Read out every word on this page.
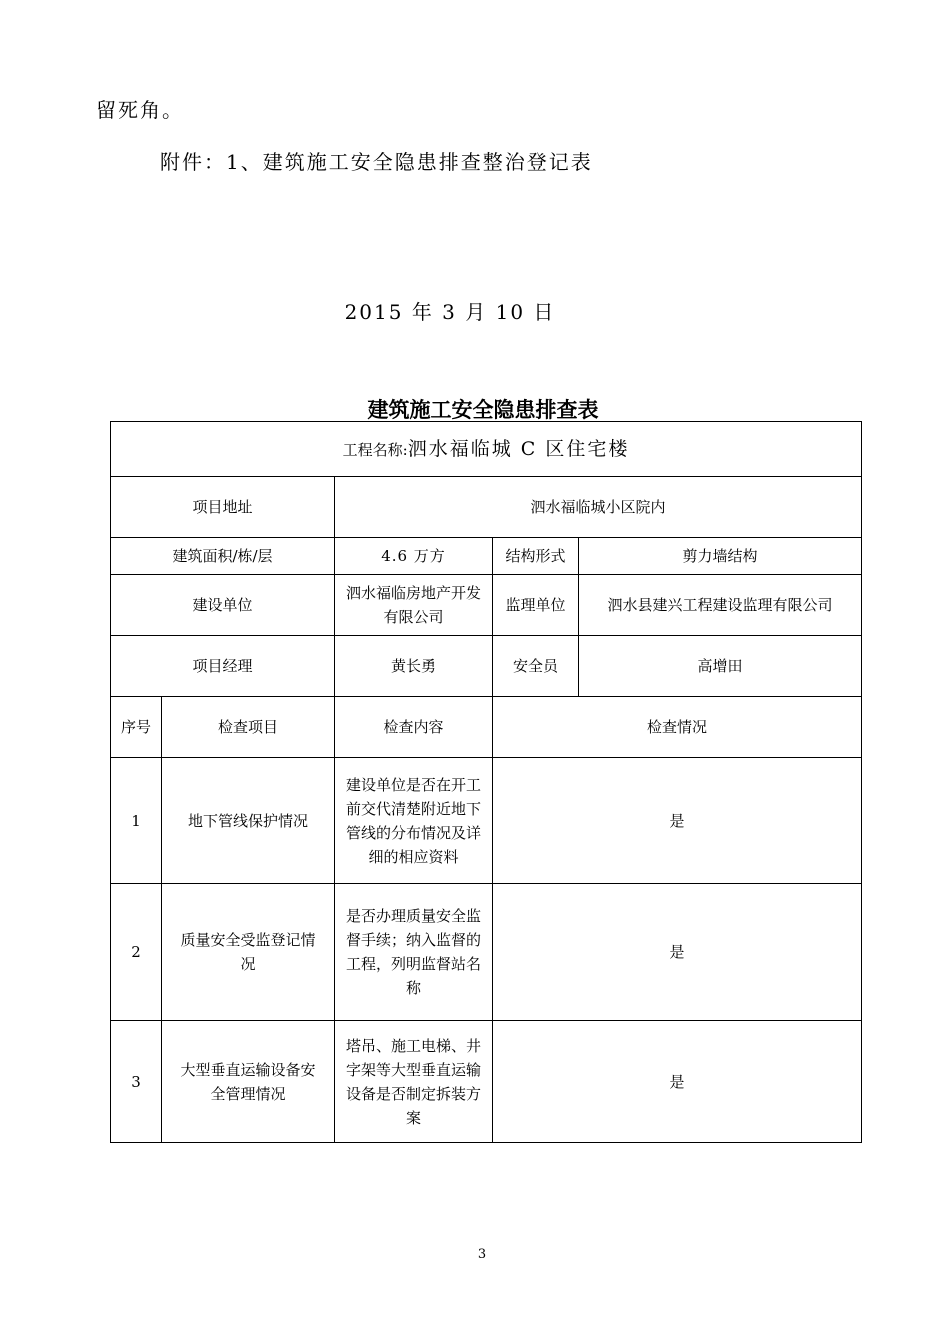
留死角。
附件：1、建筑施工安全隐患排查整治登记表
2015 年 3 月 10 日
建筑施工安全隐患排查表
工程名称:泗水福临城 C 区住宅楼				
项目地址		泗水福临城小区院内		
建筑面积/栋/层		4.6 万方	结构形式	剪力墙结构
建设单位		泗水福临房地产开发有限公司	监理单位	泗水县建兴工程建设监理有限公司
项目经理		黄长勇	安全员	高增田
序号	检查项目	检查内容	检查情况	
1	地下管线保护情况	建设单位是否在开工前交代清楚附近地下管线的分布情况及详细的相应资料	是	
2	质量安全受监登记情况	是否办理质量安全监督手续；纳入监督的工程，列明监督站名称	是	
3	大型垂直运输设备安全管理情况	塔吊、施工电梯、井字架等大型垂直运输设备是否制定拆装方案	是	
3
